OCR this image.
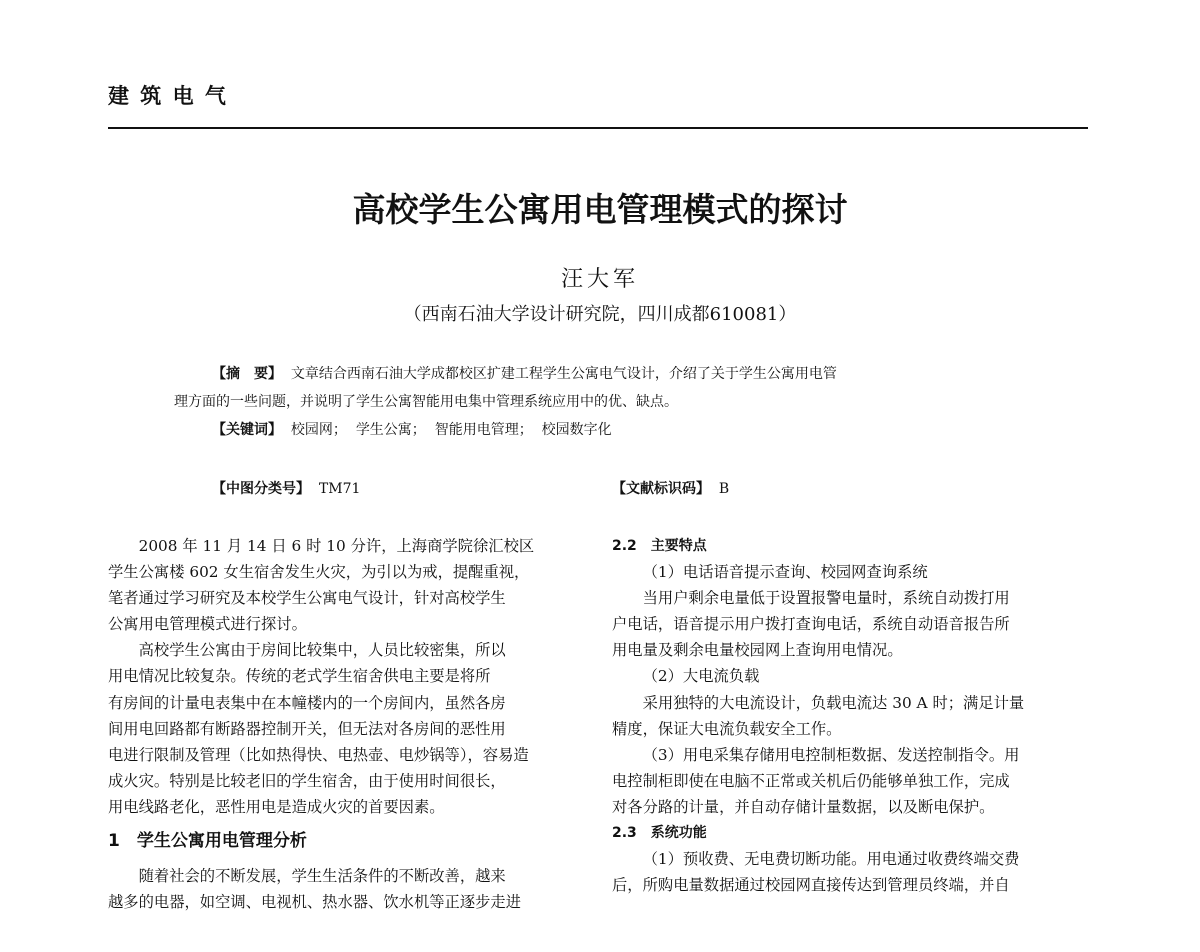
建 筑 电 气
高校学生公寓用电管理模式的探讨
汪大军
（西南石油大学设计研究院，四川成都610081）
【摘　要】 文章结合西南石油大学成都校区扩建工程学生公寓电气设计，介绍了关于学生公寓用电管
理方面的一些问题，并说明了学生公寓智能用电集中管理系统应用中的优、缺点。
【关键词】 校园网； 学生公寓； 智能用电管理； 校园数字化
【中图分类号】 TM71	【文献标识码】 B

2008 年 11 月 14 日 6 时 10 分许，上海商学院徐汇校区

学生公寓楼 602 女生宿舍发生火灾，为引以为戒，提醒重视，

笔者通过学习研究及本校学生公寓电气设计，针对高校学生

公寓用电管理模式进行探讨。

高校学生公寓由于房间比较集中，人员比较密集，所以

用电情况比较复杂。传统的老式学生宿舍供电主要是将所

有房间的计量电表集中在本幢楼内的一个房间内，虽然各房

间用电回路都有断路器控制开关，但无法对各房间的恶性用

电进行限制及管理（比如热得快、电热壶、电炒锅等），容易造

成火灾。特别是比较老旧的学生宿舍，由于使用时间很长，

用电线路老化，恶性用电是造成火灾的首要因素。

1　学生公寓用电管理分析

随着社会的不断发展，学生生活条件的不断改善，越来

越多的电器，如空调、电视机、热水器、饮水机等正逐步走进

2.2　主要特点

（1）电话语音提示查询、校园网查询系统

当用户剩余电量低于设置报警电量时，系统自动拨打用

户电话，语音提示用户拨打查询电话，系统自动语音报告所

用电量及剩余电量校园网上查询用电情况。

（2）大电流负载

采用独特的大电流设计，负载电流达 30 A 时；满足计量

精度，保证大电流负载安全工作。

（3）用电采集存储用电控制柜数据、发送控制指令。用

电控制柜即使在电脑不正常或关机后仍能够单独工作，完成

对各分路的计量，并自动存储计量数据，以及断电保护。

2.3　系统功能

（1）预收费、无电费切断功能。用电通过收费终端交费

后，所购电量数据通过校园网直接传达到管理员终端，并自
